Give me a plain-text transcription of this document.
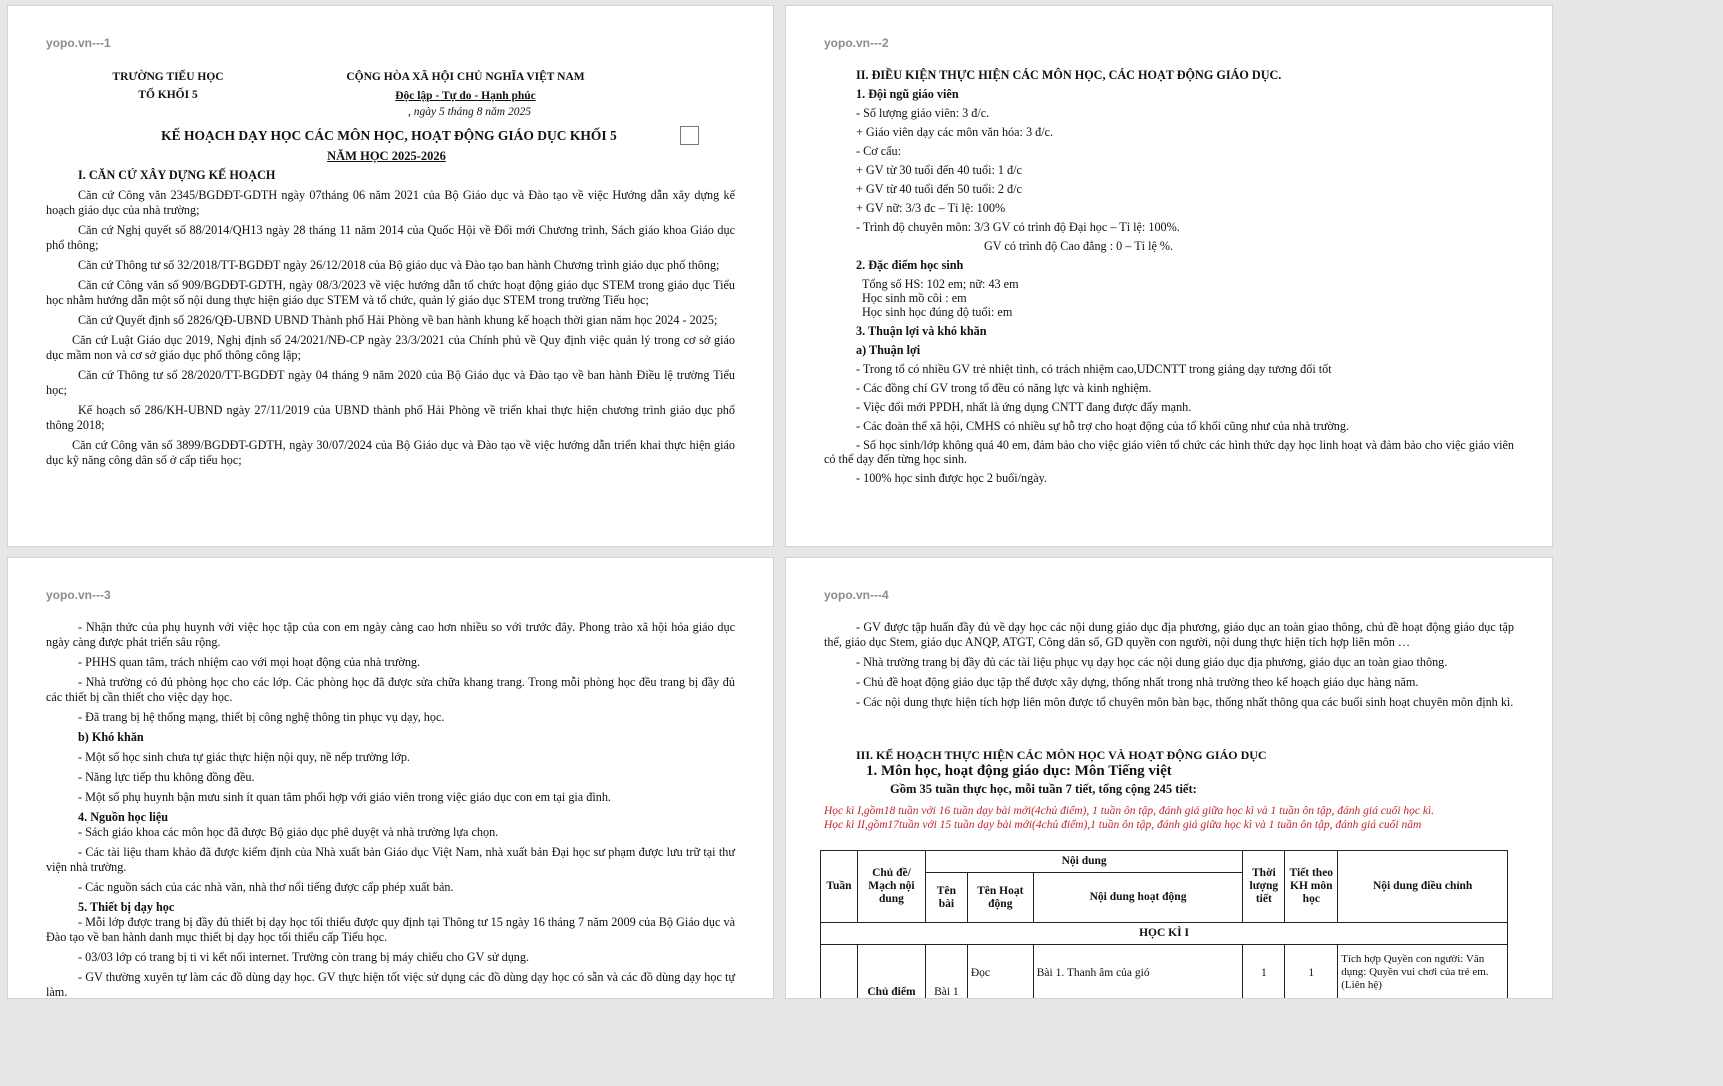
yopo.vn---1
TRƯỜNG TIỂU HỌC
TỔ KHỐI 5
CỘNG HÒA XÃ HỘI CHỦ NGHĨA VIỆT NAM
Độc lập - Tự do - Hạnh phúc
, ngày 5 tháng 8 năm 2025
KẾ HOẠCH DẠY HỌC CÁC MÔN HỌC, HOẠT ĐỘNG GIÁO DỤC KHỐI 5
NĂM HỌC 2025-2026
I. CĂN CỨ XÂY DỰNG KẾ HOẠCH
Căn cứ Công văn 2345/BGDĐT-GDTH ngày 07tháng 06 năm 2021 của Bộ Giáo dục và Đào tạo về việc Hướng dẫn xây dựng kế hoạch giáo dục của nhà trường;
Căn cứ Nghị quyết số 88/2014/QH13 ngày 28 tháng 11 năm 2014 của Quốc Hội về Đổi mới Chương trình, Sách giáo khoa Giáo dục phổ thông;
Căn cứ Thông tư số 32/2018/TT-BGDĐT ngày 26/12/2018 của Bộ giáo dục và Đào tạo ban hành Chương trình giáo dục phổ thông;
Căn cứ Công văn số 909/BGDĐT-GDTH, ngày 08/3/2023 về việc hướng dẫn tổ chức hoạt động giáo dục STEM trong giáo dục Tiểu học nhằm hướng dẫn một số nội dung thực hiện giáo dục STEM và tổ chức, quản lý giáo dục STEM trong trường Tiểu học;
Căn cứ Quyết định số 2826/QĐ-UBND UBND Thành phố Hải Phòng về ban hành khung kế hoạch thời gian năm học 2024 - 2025;
Căn cứ Luật Giáo dục 2019, Nghị định số 24/2021/NĐ-CP ngày 23/3/2021 của Chính phủ về Quy định việc quản lý trong cơ sở giáo dục mầm non và cơ sở giáo dục phổ thông công lập;
Căn cứ Thông tư số 28/2020/TT-BGDĐT ngày 04 tháng 9 năm 2020 của Bộ Giáo dục và Đào tạo về ban hành Điều lệ trường Tiểu học;
Kế hoạch số 286/KH-UBND ngày 27/11/2019 của UBND thành phố Hải Phòng về triển khai thực hiện chương trình giáo dục phổ thông 2018;
Căn cứ Công văn số 3899/BGDĐT-GDTH, ngày 30/07/2024 của Bộ Giáo dục và Đào tạo về việc hướng dẫn triển khai thực hiện giáo dục kỹ năng công dân số ở cấp tiểu học;
yopo.vn---2
II. ĐIỀU KIỆN THỰC HIỆN CÁC MÔN HỌC, CÁC HOẠT ĐỘNG GIÁO DỤC.
1. Đội ngũ giáo viên
- Số lượng giáo viên: 3 đ/c.
+ Giáo viên dạy các môn văn hóa: 3 đ/c.
- Cơ cấu:
+ GV từ 30 tuổi đến 40 tuổi: 1 đ/c
+ GV từ 40 tuổi đến 50 tuổi: 2 đ/c
+ GV nữ: 3/3 đc – Tỉ lệ: 100%
- Trình độ chuyên môn: 3/3 GV có trình độ Đại học – Tỉ lệ: 100%.
GV có trình độ Cao đẳng : 0 – Tỉ lệ %.
2. Đặc điểm học sinh
Tổng số HS: 102 em; nữ: 43 em
Học sinh mồ côi : em
Học sinh học đúng độ tuổi: em
3. Thuận lợi và khó khăn
a) Thuận lợi
- Trong tổ có nhiều GV trẻ nhiệt tình, có trách nhiệm cao,UDCNTT trong giảng dạy tương đối tốt
- Các đồng chí GV trong tổ đều có năng lực và kinh nghiệm.
- Việc đổi mới PPDH, nhất là ứng dụng CNTT đang được đẩy mạnh.
- Các đoàn thể xã hội, CMHS có nhiều sự hỗ trợ cho hoạt động của tổ khối cũng như của nhà trường.
- Số học sinh/lớp không quá 40 em, đảm bảo cho việc giáo viên tổ chức các hình thức dạy học linh hoạt và đảm bảo cho việc giáo viên có thể dạy đến từng học sinh.
- 100% học sinh được học 2 buổi/ngày.
yopo.vn---3
- Nhận thức của phụ huynh với việc học tập của con em ngày càng cao hơn nhiều so với trước đây. Phong trào xã hội hóa giáo dục ngày càng được phát triển sâu rộng.
- PHHS quan tâm, trách nhiệm cao với mọi hoạt động của nhà trường.
- Nhà trường có đủ phòng học cho các lớp. Các phòng học đã được sửa chữa khang trang. Trong mỗi phòng học đều trang bị đầy đủ các thiết bị cần thiết cho việc dạy học.
- Đã trang bị hệ thống mạng, thiết bị công nghệ thông tin phục vụ dạy, học.
b) Khó khăn
- Một số học sinh chưa tự giác thực hiện nội quy, nề nếp trường lớp.
- Năng lực tiếp thu không đồng đều.
- Một số phụ huynh bận mưu sinh ít quan tâm phối hợp với giáo viên trong việc giáo dục con em tại gia đình.
4. Nguồn học liệu
- Sách giáo khoa các môn học đã được Bộ giáo dục phê duyệt và nhà trường lựa chọn.
- Các tài liệu tham khảo đã được kiểm định của Nhà xuất bản Giáo dục Việt Nam, nhà xuất bản Đại học sư phạm được lưu trữ tại thư viện nhà trường.
- Các nguồn sách của các nhà văn, nhà thơ nổi tiếng được cấp phép xuất bản.
5. Thiết bị dạy học
- Mỗi lớp được trang bị đầy đủ thiết bị dạy học tối thiểu được quy định tại Thông tư 15 ngày 16 tháng 7 năm 2009 của Bộ Giáo dục và Đào tạo về ban hành danh mục thiết bị dạy học tối thiểu cấp Tiểu học.
- 03/03 lớp có trang bị ti vi kết nối internet. Trường còn trang bị máy chiếu cho GV sử dụng.
- GV thường xuyên tự làm các đồ dùng dạy học. GV thực hiện tốt việc sử dụng các đồ dùng dạy học có sẵn và các đồ dùng dạy học tự làm.
yopo.vn---4
- GV được tập huấn đầy đủ về dạy học các nội dung giáo dục địa phương, giáo dục an toàn giao thông, chủ đề hoạt động giáo dục tập thể, giáo dục Stem, giáo dục ANQP, ATGT, Công dân số, GD quyền con người, nội dung thực hiện tích hợp liên môn …
- Nhà trường trang bị đầy đủ các tài liệu phục vụ dạy học các nội dung giáo dục địa phương, giáo dục an toàn giao thông.
- Chủ đề hoạt động giáo dục tập thể được xây dựng, thống nhất trong nhà trường theo kế hoạch giáo dục hàng năm.
- Các nội dung thực hiện tích hợp liên môn được tổ chuyên môn bàn bạc, thống nhất thông qua các buổi sinh hoạt chuyên môn định kì.
III. KẾ HOẠCH THỰC HIỆN CÁC MÔN HỌC VÀ HOẠT ĐỘNG GIÁO DỤC
1. Môn học, hoạt động giáo dục: Môn Tiếng việt
Gồm 35 tuần thực học, mỗi tuần 7 tiết, tổng cộng 245 tiết:
Học kì I,gồm18 tuần với 16 tuần dạy bài mới(4chủ điểm), 1 tuần ôn tập, đánh giá giữa học kì và 1 tuần ôn tập, đánh giá cuối học kì.
Học kì II,gồm17tuần với 15 tuần dạy bài mới(4chủ điểm),1 tuần ôn tập, đánh giá giữa học kì và 1 tuần ôn tập, đánh giá cuối năm
Tuần	Chủ đề/ Mạch nội dung	Nội dung			Thời lượng tiết	Tiết theo KH môn học	Nội dung điều chỉnh
		Tên bài	Tên Hoạt động	Nội dung hoạt động			
HỌC KÌ I							
	Chủ điểm	Bài 1	Đọc	Bài 1. Thanh âm của gió	1	1	Tích hợp Quyền con người: Văn dụng: Quyền vui chơi của trẻ em. (Liên hệ)
